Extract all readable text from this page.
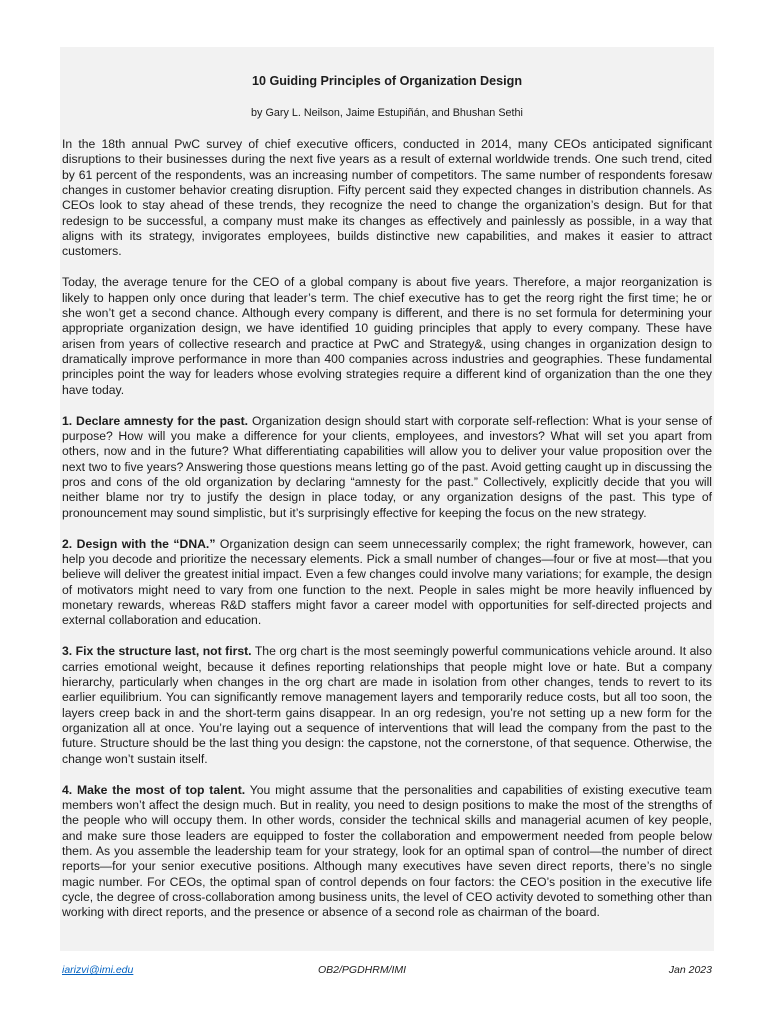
10 Guiding Principles of Organization Design

by Gary L. Neilson, Jaime Estupiñán, and Bhushan Sethi

In the 18th annual PwC survey of chief executive officers, conducted in 2014, many CEOs anticipated significant disruptions to their businesses during the next five years as a result of external worldwide trends. One such trend, cited by 61 percent of the respondents, was an increasing number of competitors. The same number of respondents foresaw changes in customer behavior creating disruption. Fifty percent said they expected changes in distribution channels. As CEOs look to stay ahead of these trends, they recognize the need to change the organization’s design. But for that redesign to be successful, a company must make its changes as effectively and painlessly as possible, in a way that aligns with its strategy, invigorates employees, builds distinctive new capabilities, and makes it easier to attract customers.

Today, the average tenure for the CEO of a global company is about five years. Therefore, a major reorganization is likely to happen only once during that leader’s term. The chief executive has to get the reorg right the first time; he or she won’t get a second chance. Although every company is different, and there is no set formula for determining your appropriate organization design, we have identified 10 guiding principles that apply to every company. These have arisen from years of collective research and practice at PwC and Strategy&, using changes in organization design to dramatically improve performance in more than 400 companies across industries and geographies. These fundamental principles point the way for leaders whose evolving strategies require a different kind of organization than the one they have today.

1. Declare amnesty for the past. Organization design should start with corporate self-reflection: What is your sense of purpose? How will you make a difference for your clients, employees, and investors? What will set you apart from others, now and in the future? What differentiating capabilities will allow you to deliver your value proposition over the next two to five years? Answering those questions means letting go of the past. Avoid getting caught up in discussing the pros and cons of the old organization by declaring “amnesty for the past.” Collectively, explicitly decide that you will neither blame nor try to justify the design in place today, or any organization designs of the past. This type of pronouncement may sound simplistic, but it’s surprisingly effective for keeping the focus on the new strategy.

2. Design with the “DNA.” Organization design can seem unnecessarily complex; the right framework, however, can help you decode and prioritize the necessary elements. Pick a small number of changes—four or five at most—that you believe will deliver the greatest initial impact. Even a few changes could involve many variations; for example, the design of motivators might need to vary from one function to the next. People in sales might be more heavily influenced by monetary rewards, whereas R&D staffers might favor a career model with opportunities for self-directed projects and external collaboration and education.

3. Fix the structure last, not first. The org chart is the most seemingly powerful communications vehicle around. It also carries emotional weight, because it defines reporting relationships that people might love or hate. But a company hierarchy, particularly when changes in the org chart are made in isolation from other changes, tends to revert to its earlier equilibrium. You can significantly remove management layers and temporarily reduce costs, but all too soon, the layers creep back in and the short-term gains disappear. In an org redesign, you’re not setting up a new form for the organization all at once. You’re laying out a sequence of interventions that will lead the company from the past to the future. Structure should be the last thing you design: the capstone, not the cornerstone, of that sequence. Otherwise, the change won’t sustain itself.

4. Make the most of top talent. You might assume that the personalities and capabilities of existing executive team members won’t affect the design much. But in reality, you need to design positions to make the most of the strengths of the people who will occupy them. In other words, consider the technical skills and managerial acumen of key people, and make sure those leaders are equipped to foster the collaboration and empowerment needed from people below them. As you assemble the leadership team for your strategy, look for an optimal span of control—the number of direct reports—for your senior executive positions. Although many executives have seven direct reports, there’s no single magic number. For CEOs, the optimal span of control depends on four factors: the CEO’s position in the executive life cycle, the degree of cross-collaboration among business units, the level of CEO activity devoted to something other than working with direct reports, and the presence or absence of a second role as chairman of the board.

iarizvi@imi.edu	OB2/PGDHRM/IMI	Jan 2023
